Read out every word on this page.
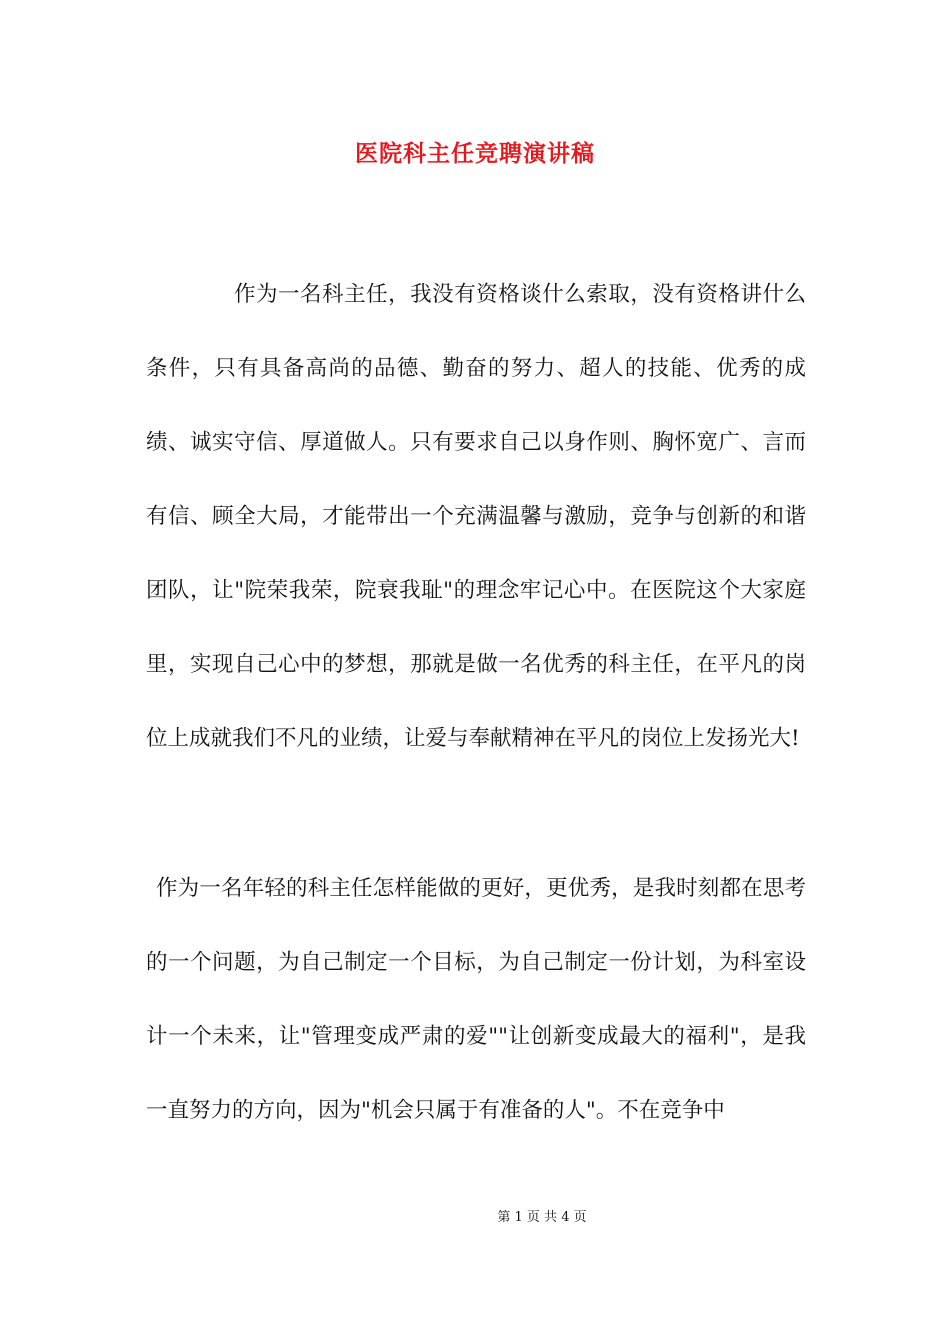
医院科主任竞聘演讲稿
作为一名科主任，我没有资格谈什么索取，没有资格讲什么条件，只有具备高尚的品德、勤奋的努力、超人的技能、优秀的成绩、诚实守信、厚道做人。只有要求自己以身作则、胸怀宽广、言而有信、顾全大局，才能带出一个充满温馨与激励，竞争与创新的和谐团队，让"院荣我荣，院衰我耻"的理念牢记心中。在医院这个大家庭里，实现自己心中的梦想，那就是做一名优秀的科主任，在平凡的岗位上成就我们不凡的业绩，让爱与奉献精神在平凡的岗位上发扬光大!
作为一名年轻的科主任怎样能做的更好，更优秀，是我时刻都在思考的一个问题，为自己制定一个目标，为自己制定一份计划，为科室设计一个未来，让"管理变成严肃的爱""让创新变成最大的福利"，是我一直努力的方向，因为"机会只属于有准备的人"。不在竞争中
第 1 页 共 4 页
